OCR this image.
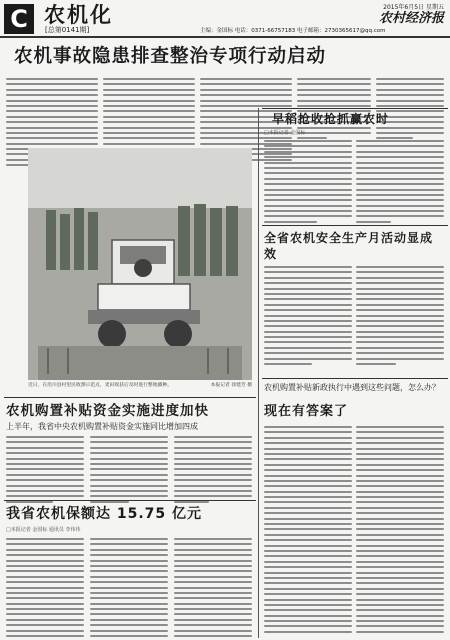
C 农机化
[总第0141期]
2015年6月5日 星期五
农村经济报
主编：金国标 电话：0371-66757183 电子邮箱：2730365617@qq.com
农机事故隐患排查整治专项行动启动
近日，在沿川县村里民收割示范点，麦田收获后及时进行整地播种。	本报记者 徐建芳 摄
早稻抢收抢抓赢农时
□本报记者 金国标
全省农机安全生产月活动显成效
农机购置补贴新政执行中遇到这些问题，怎么办？
现在有答案了
农机购置补贴资金实施进度加快
上半年，我省中央农机购置补贴资金实施同比增加四成
我省农机保额达 15.75 亿元
□本报记者 金国标 通讯员 李伟伟
